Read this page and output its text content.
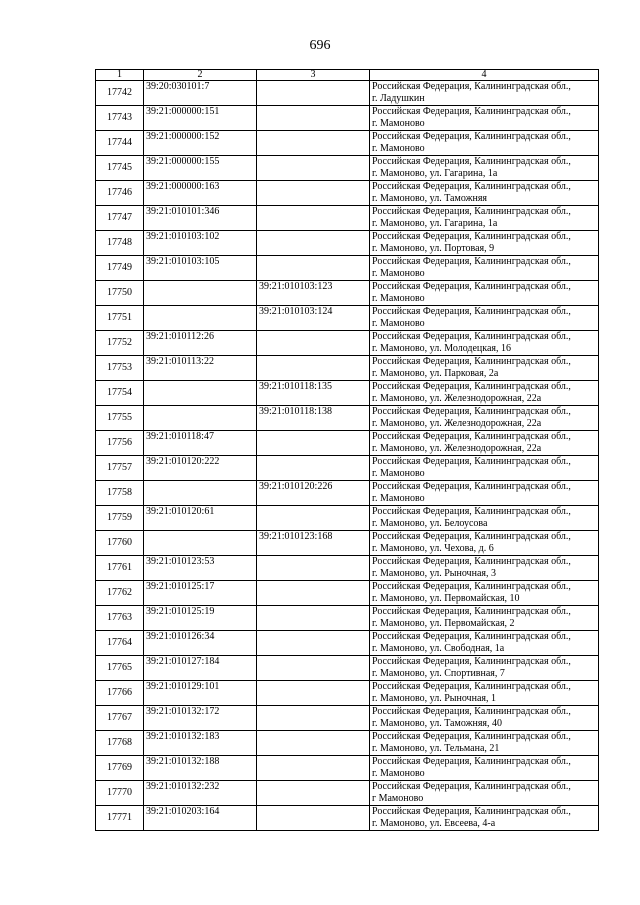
696
1	2	3	4
17742	39:20:030101:7		Российская Федерация, Калининградская обл.,
г. Ладушкин

17743	39:21:000000:151		Российская Федерация, Калининградская обл.,
г. Мамоново

17744	39:21:000000:152		Российская Федерация, Калининградская обл.,
г. Мамоново

17745	39:21:000000:155		Российская Федерация, Калининградская обл.,
г. Мамоново, ул. Гагарина, 1а

17746	39:21:000000:163		Российская Федерация, Калининградская обл.,
г. Мамоново, ул. Таможняя

17747	39:21:010101:346		Российская Федерация, Калининградская обл.,
г. Мамоново, ул. Гагарина, 1а

17748	39:21:010103:102		Российская Федерация, Калининградская обл.,
г. Мамоново, ул. Портовая, 9

17749	39:21:010103:105		Российская Федерация, Калининградская обл.,
г. Мамоново

17750		39:21:010103:123	Российская Федерация, Калининградская обл.,
г. Мамоново

17751		39:21:010103:124	Российская Федерация, Калининградская обл.,
г. Мамоново

17752	39:21:010112:26		Российская Федерация, Калининградская обл.,
г. Мамоново, ул. Молодецкая, 16

17753	39:21:010113:22		Российская Федерация, Калининградская обл.,
г. Мамоново, ул. Парковая, 2а

17754		39:21:010118:135	Российская Федерация, Калининградская обл.,
г. Мамоново, ул. Железнодорожная, 22а

17755		39:21:010118:138	Российская Федерация, Калининградская обл.,
г. Мамоново, ул. Железнодорожная, 22а

17756	39:21:010118:47		Российская Федерация, Калининградская обл.,
г. Мамоново, ул. Железнодорожная, 22а

17757	39:21:010120:222		Российская Федерация, Калининградская обл.,
г. Мамоново

17758		39:21:010120:226	Российская Федерация, Калининградская обл.,
г. Мамоново

17759	39:21:010120:61		Российская Федерация, Калининградская обл.,
г. Мамоново, ул. Белоусова

17760		39:21:010123:168	Российская Федерация, Калининградская обл.,
г. Мамоново, ул. Чехова, д. 6

17761	39:21:010123:53		Российская Федерация, Калининградская обл.,
г. Мамоново, ул. Рыночная, 3

17762	39:21:010125:17		Российская Федерация, Калининградская обл.,
г. Мамоново, ул. Первомайская, 10

17763	39:21:010125:19		Российская Федерация, Калининградская обл.,
г. Мамоново, ул. Первомайская, 2

17764	39:21:010126:34		Российская Федерация, Калининградская обл.,
г. Мамоново, ул. Свободная, 1а

17765	39:21:010127:184		Российская Федерация, Калининградская обл.,
г. Мамоново, ул. Спортивная, 7

17766	39:21:010129:101		Российская Федерация, Калининградская обл.,
г. Мамоново, ул. Рыночная, 1

17767	39:21:010132:172		Российская Федерация, Калининградская обл.,
г. Мамоново, ул. Таможняя, 40

17768	39:21:010132:183		Российская Федерация, Калининградская обл.,
г. Мамоново, ул. Тельмана, 21

17769	39:21:010132:188		Российская Федерация, Калининградская обл.,
г. Мамоново

17770	39:21:010132:232		Российская Федерация, Калининградская обл.,
г Мамоново

17771	39:21:010203:164		Российская Федерация, Калининградская обл.,
г. Мамоново, ул. Евсеева, 4-а
